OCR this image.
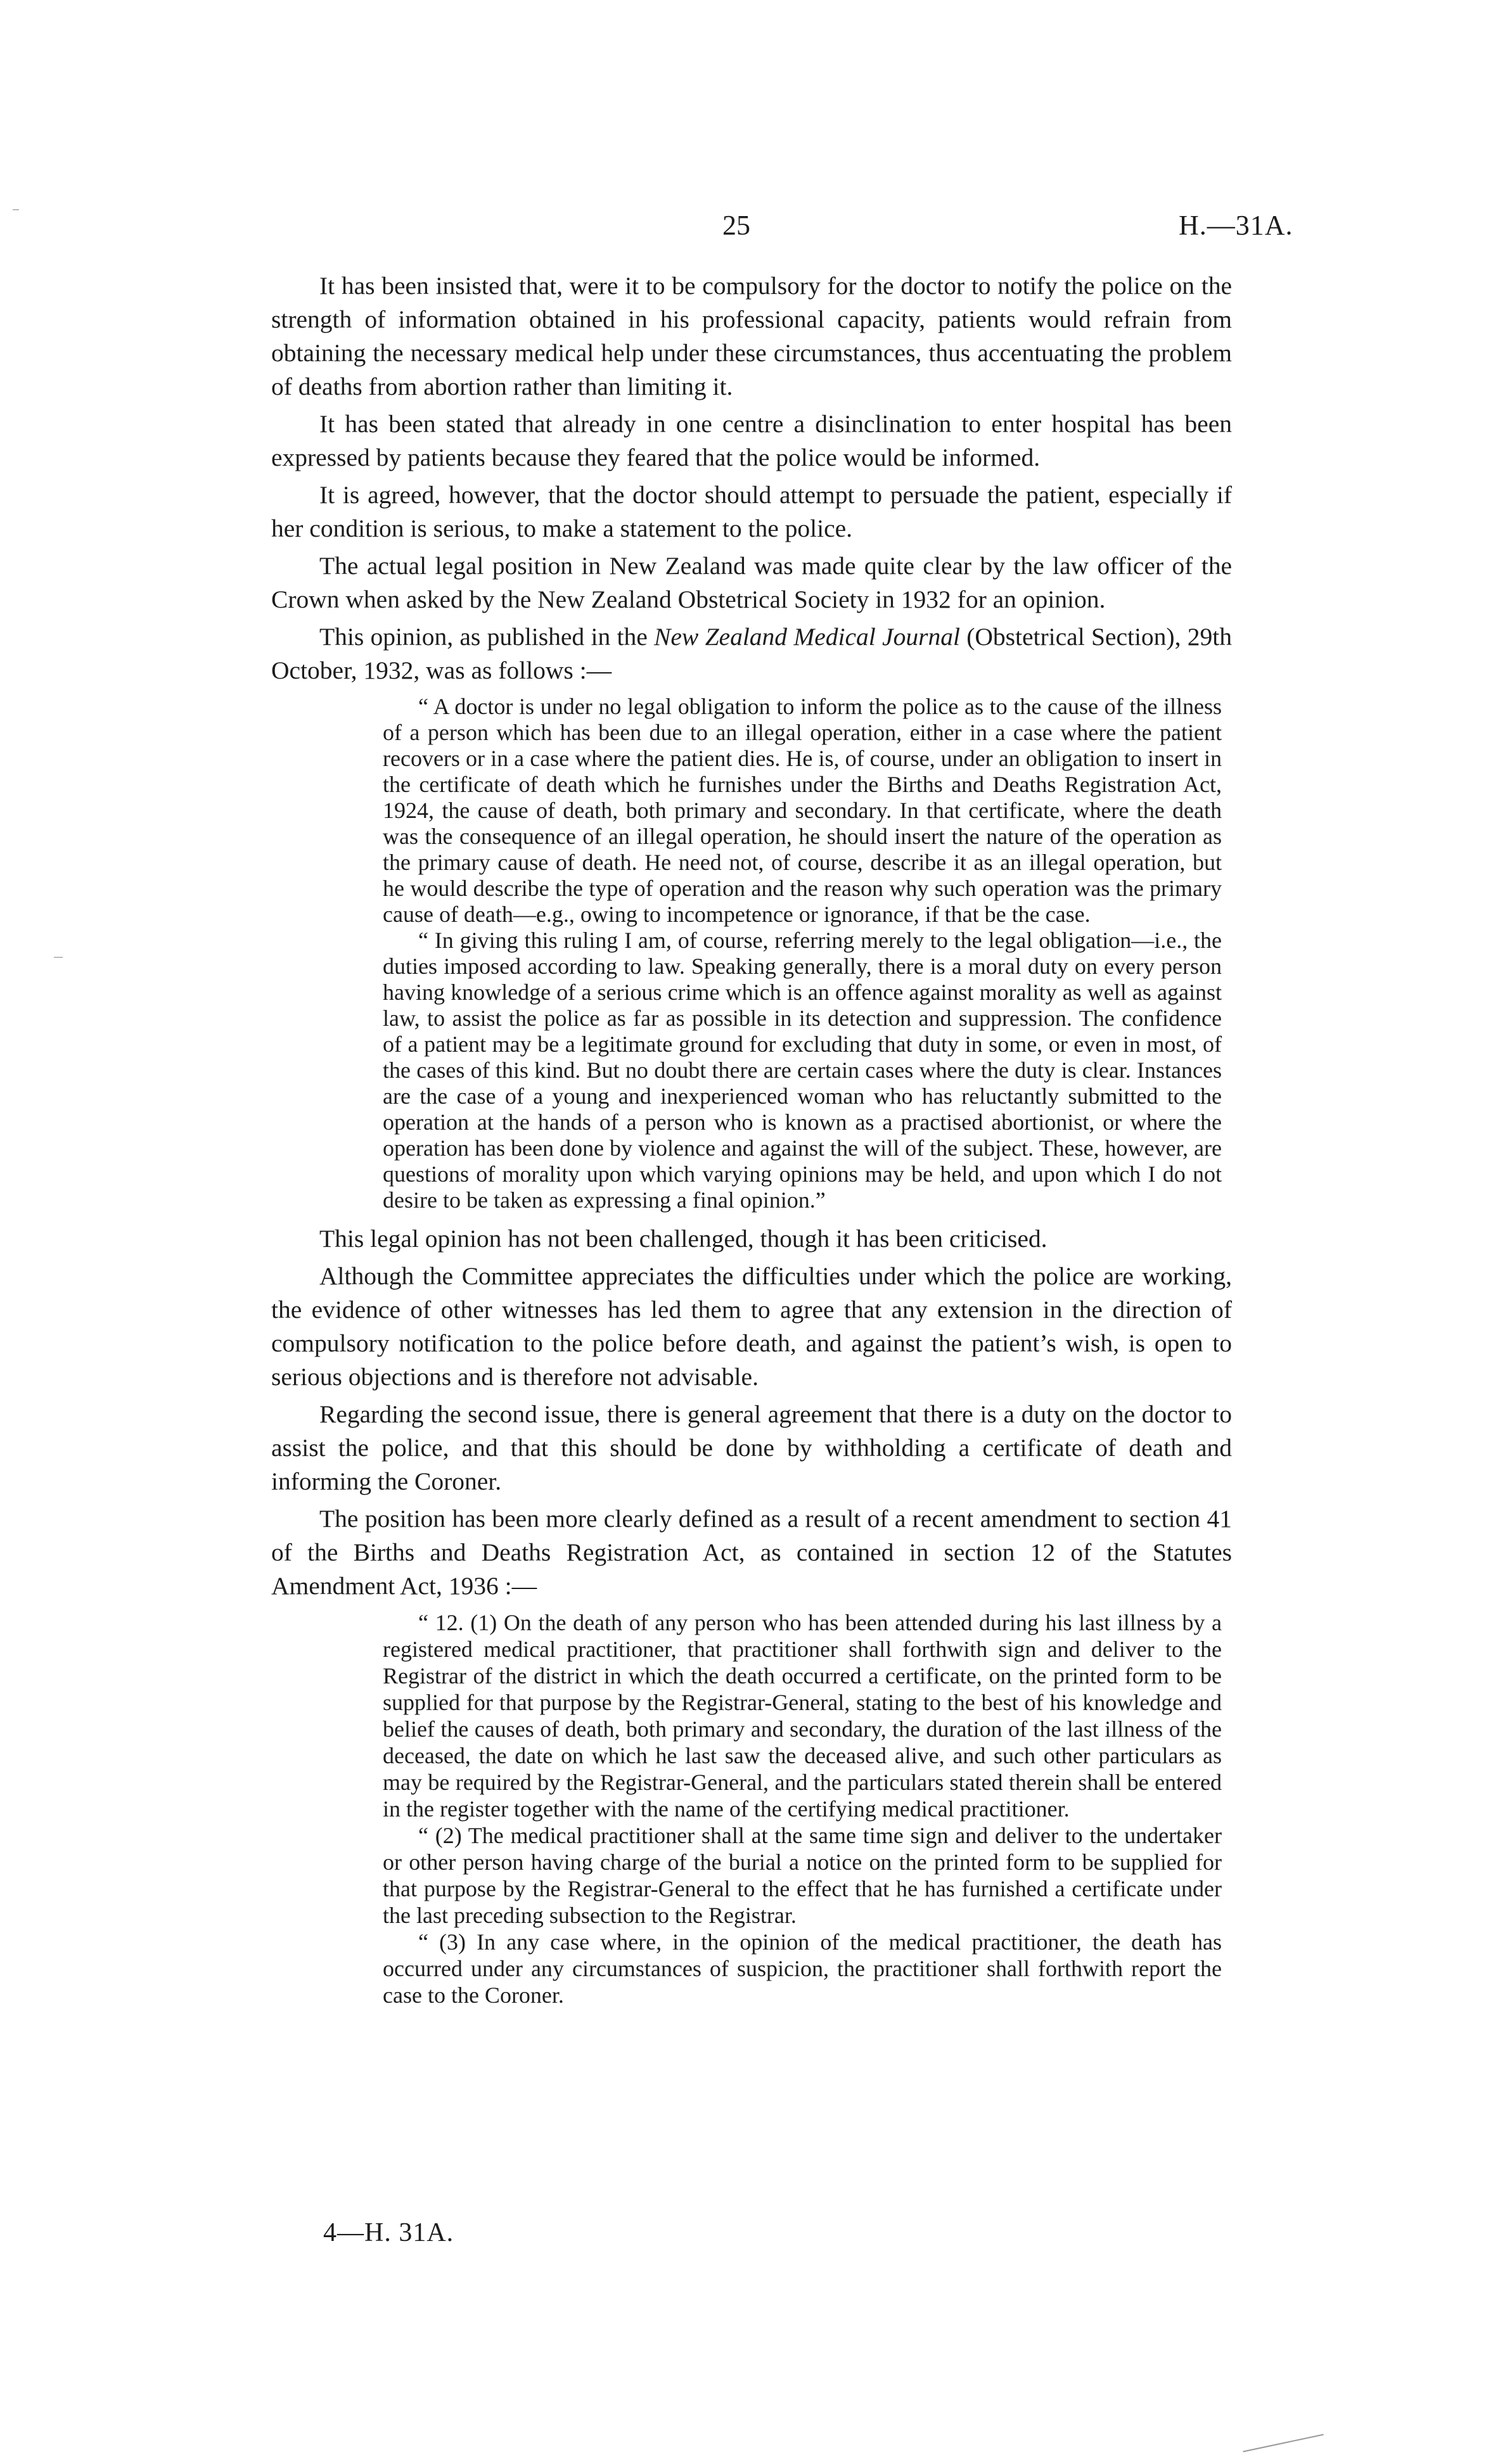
25	H.—31A.

It has been insisted that, were it to be compulsory for the doctor to notify the police on the strength of information obtained in his professional capacity, patients would refrain from obtaining the necessary medical help under these circumstances, thus accentuating the problem of deaths from abortion rather than limiting it.

It has been stated that already in one centre a disinclination to enter hospital has been expressed by patients because they feared that the police would be informed.

It is agreed, however, that the doctor should attempt to persuade the patient, especially if her condition is serious, to make a statement to the police.

The actual legal position in New Zealand was made quite clear by the law officer of the Crown when asked by the New Zealand Obstetrical Society in 1932 for an opinion.

This opinion, as published in the New Zealand Medical Journal (Obstetrical Section), 29th October, 1932, was as follows :—

“ A doctor is under no legal obligation to inform the police as to the cause of the illness of a person which has been due to an illegal operation, either in a case where the patient recovers or in a case where the patient dies. He is, of course, under an obligation to insert in the certificate of death which he furnishes under the Births and Deaths Registration Act, 1924, the cause of death, both primary and secondary. In that certificate, where the death was the consequence of an illegal operation, he should insert the nature of the operation as the primary cause of death. He need not, of course, describe it as an illegal operation, but he would describe the type of operation and the reason why such operation was the primary cause of death—e.g., owing to incompetence or ignorance, if that be the case.

“ In giving this ruling I am, of course, referring merely to the legal obligation—i.e., the duties imposed according to law. Speaking generally, there is a moral duty on every person having knowledge of a serious crime which is an offence against morality as well as against law, to assist the police as far as possible in its detection and suppression. The confidence of a patient may be a legitimate ground for excluding that duty in some, or even in most, of the cases of this kind. But no doubt there are certain cases where the duty is clear. Instances are the case of a young and inexperienced woman who has reluctantly submitted to the operation at the hands of a person who is known as a practised abortionist, or where the operation has been done by violence and against the will of the subject. These, however, are questions of morality upon which varying opinions may be held, and upon which I do not desire to be taken as expressing a final opinion.”

This legal opinion has not been challenged, though it has been criticised.

Although the Committee appreciates the difficulties under which the police are working, the evidence of other witnesses has led them to agree that any extension in the direction of compulsory notification to the police before death, and against the patient’s wish, is open to serious objections and is therefore not advisable.

Regarding the second issue, there is general agreement that there is a duty on the doctor to assist the police, and that this should be done by withholding a certificate of death and informing the Coroner.

The position has been more clearly defined as a result of a recent amendment to section 41 of the Births and Deaths Registration Act, as contained in section 12 of the Statutes Amendment Act, 1936 :—

“ 12. (1) On the death of any person who has been attended during his last illness by a registered medical practitioner, that practitioner shall forthwith sign and deliver to the Registrar of the district in which the death occurred a certificate, on the printed form to be supplied for that purpose by the Registrar-General, stating to the best of his knowledge and belief the causes of death, both primary and secondary, the duration of the last illness of the deceased, the date on which he last saw the deceased alive, and such other particulars as may be required by the Registrar-General, and the particulars stated therein shall be entered in the register together with the name of the certifying medical practitioner.

“ (2) The medical practitioner shall at the same time sign and deliver to the undertaker or other person having charge of the burial a notice on the printed form to be supplied for that purpose by the Registrar-General to the effect that he has furnished a certificate under the last preceding subsection to the Registrar.

“ (3) In any case where, in the opinion of the medical practitioner, the death has occurred under any circumstances of suspicion, the practitioner shall forthwith report the case to the Coroner.

4—H. 31A.
